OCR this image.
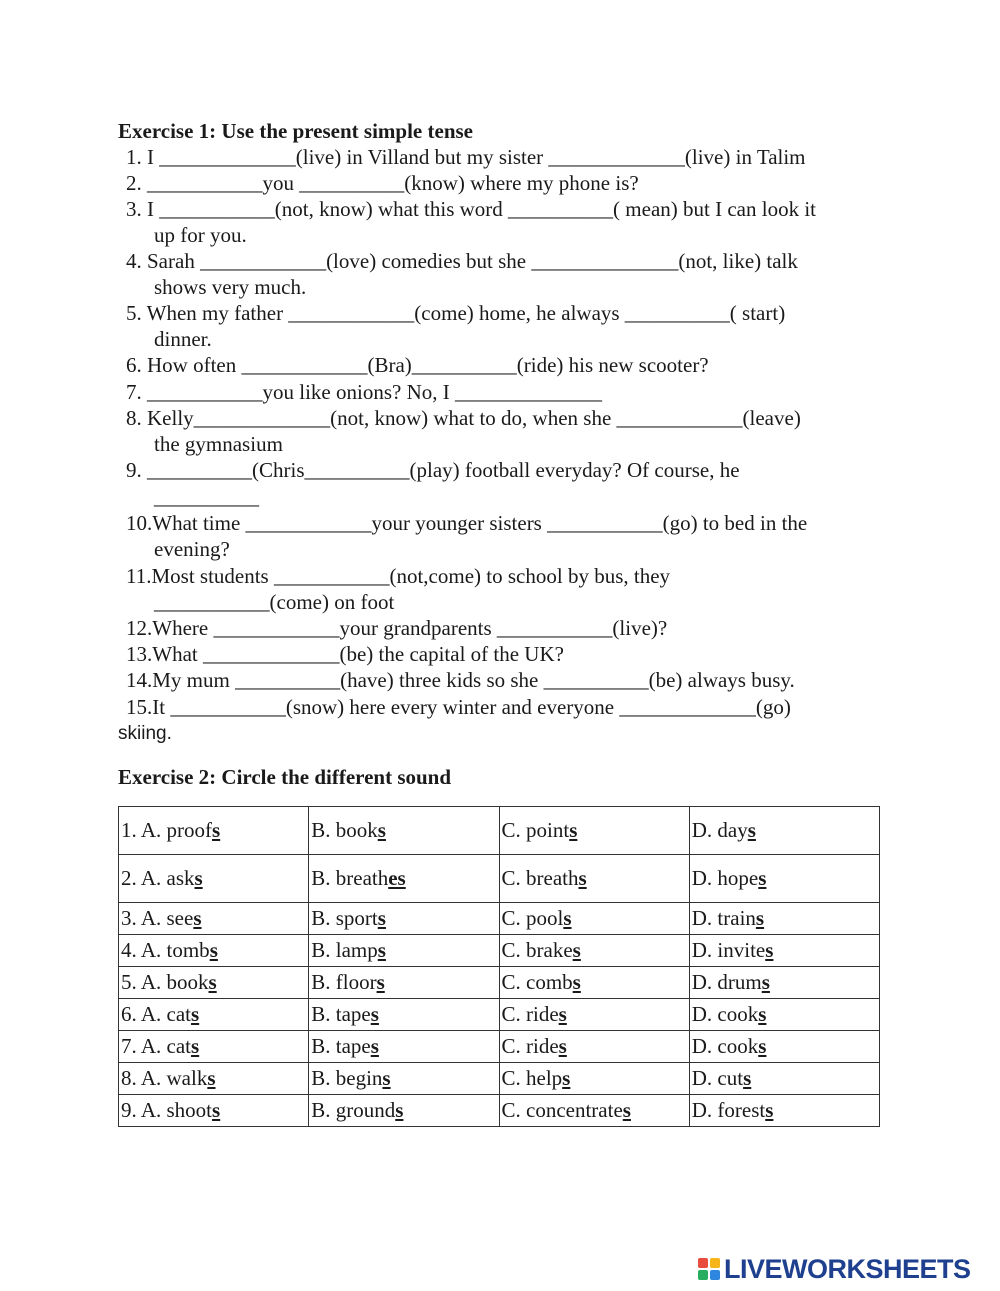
Exercise 1: Use the present simple tense
1. I _____________(live) in Villand but my sister _____________(live) in Talim
2. ___________you __________(know) where my phone is?
3. I ___________(not, know) what this word __________( mean) but I can look it
up for you.
4. Sarah ____________(love) comedies but she ______________(not, like) talk
shows very much.
5. When my father ____________(come) home, he always __________( start)
dinner.
6. How often ____________(Bra)__________(ride) his new scooter?
7. ___________you like onions? No, I ______________
8. Kelly_____________(not, know) what to do, when she ____________(leave)
the gymnasium
9. __________(Chris__________(play) football everyday? Of course, he
__________
10.What time ____________your younger sisters ___________(go) to bed in the
evening?
11.Most students ___________(not,come) to school by bus, they
___________(come) on foot
12.Where ____________your grandparents ___________(live)?
13.What _____________(be) the capital of the UK?
14.My mum __________(have) three kids so she __________(be) always busy.
15.It ___________(snow) here every winter and everyone _____________(go)
skiing.
Exercise 2: Circle the different sound
1. A. proofs	B. books	C. points	D. days
2. A. asks	B. breathes	C. breaths	D. hopes
3. A. sees	B. sports	C. pools	D. trains
4. A. tombs	B. lamps	C. brakes	D. invites
5. A. books	B. floors	C. combs	D. drums
6. A. cats	B. tapes	C. rides	D. cooks
7. A. cats	B. tapes	C. rides	D. cooks
8. A. walks	B. begins	C. helps	D. cuts
9. A. shoots	B. grounds	C. concentrates	D. forests
LIVEWORKSHEETS
